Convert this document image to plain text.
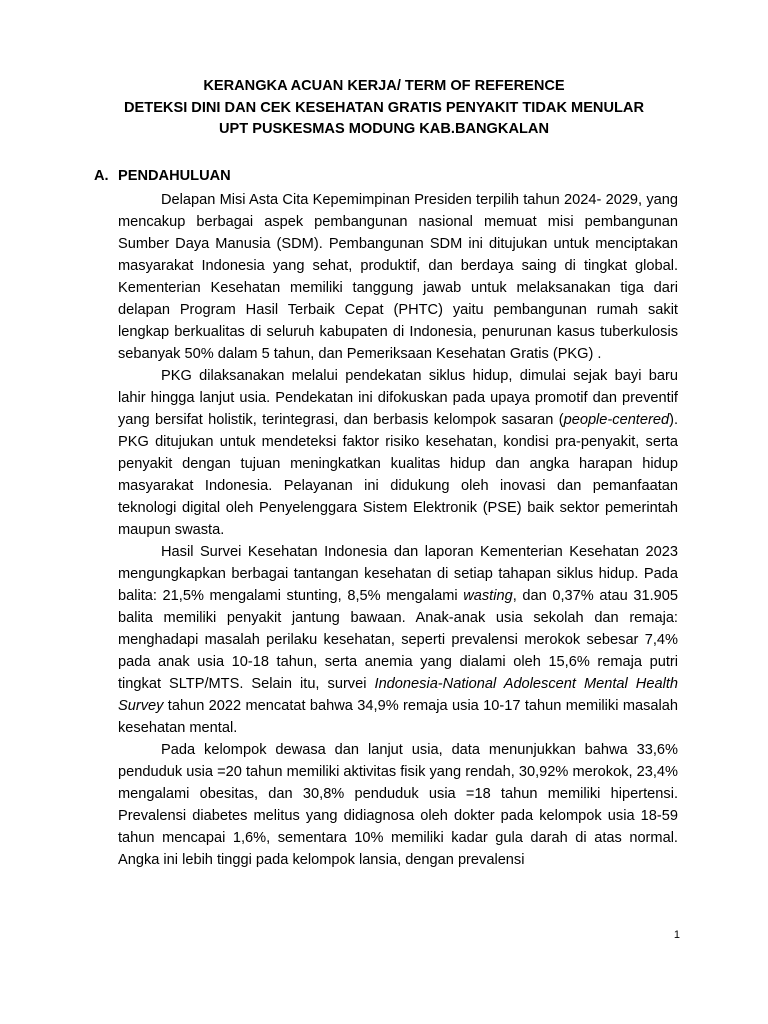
KERANGKA ACUAN KERJA/ TERM OF REFERENCE
DETEKSI DINI DAN CEK KESEHATAN GRATIS PENYAKIT TIDAK MENULAR
UPT PUSKESMAS MODUNG KAB.BANGKALAN
A. PENDAHULUAN

Delapan Misi Asta Cita Kepemimpinan Presiden terpilih tahun 2024- 2029, yang mencakup berbagai aspek pembangunan nasional memuat misi pembangunan Sumber Daya Manusia (SDM). Pembangunan SDM ini ditujukan untuk menciptakan masyarakat Indonesia yang sehat, produktif, dan berdaya saing di tingkat global. Kementerian Kesehatan memiliki tanggung jawab untuk melaksanakan tiga dari delapan Program Hasil Terbaik Cepat (PHTC) yaitu pembangunan rumah sakit lengkap berkualitas di seluruh kabupaten di Indonesia, penurunan kasus tuberkulosis sebanyak 50% dalam 5 tahun, dan Pemeriksaan Kesehatan Gratis (PKG) .

PKG dilaksanakan melalui pendekatan siklus hidup, dimulai sejak bayi baru lahir hingga lanjut usia. Pendekatan ini difokuskan pada upaya promotif dan preventif yang bersifat holistik, terintegrasi, dan berbasis kelompok sasaran (people-centered). PKG ditujukan untuk mendeteksi faktor risiko kesehatan, kondisi pra-penyakit, serta penyakit dengan tujuan meningkatkan kualitas hidup dan angka harapan hidup masyarakat Indonesia. Pelayanan ini didukung oleh inovasi dan pemanfaatan teknologi digital oleh Penyelenggara Sistem Elektronik (PSE) baik sektor pemerintah maupun swasta.

Hasil Survei Kesehatan Indonesia dan laporan Kementerian Kesehatan 2023 mengungkapkan berbagai tantangan kesehatan di setiap tahapan siklus hidup. Pada balita: 21,5% mengalami stunting, 8,5% mengalami wasting, dan 0,37% atau 31.905 balita memiliki penyakit jantung bawaan. Anak-anak usia sekolah dan remaja: menghadapi masalah perilaku kesehatan, seperti prevalensi merokok sebesar 7,4% pada anak usia 10-18 tahun, serta anemia yang dialami oleh 15,6% remaja putri tingkat SLTP/MTS. Selain itu, survei Indonesia-National Adolescent Mental Health Survey tahun 2022 mencatat bahwa 34,9% remaja usia 10-17 tahun memiliki masalah kesehatan mental.

Pada kelompok dewasa dan lanjut usia, data menunjukkan bahwa 33,6% penduduk usia =20 tahun memiliki aktivitas fisik yang rendah, 30,92% merokok, 23,4% mengalami obesitas, dan 30,8% penduduk usia =18 tahun memiliki hipertensi. Prevalensi diabetes melitus yang didiagnosa oleh dokter pada kelompok usia 18-59 tahun mencapai 1,6%, sementara 10% memiliki kadar gula darah di atas normal. Angka ini lebih tinggi pada kelompok lansia, dengan prevalensi

1
